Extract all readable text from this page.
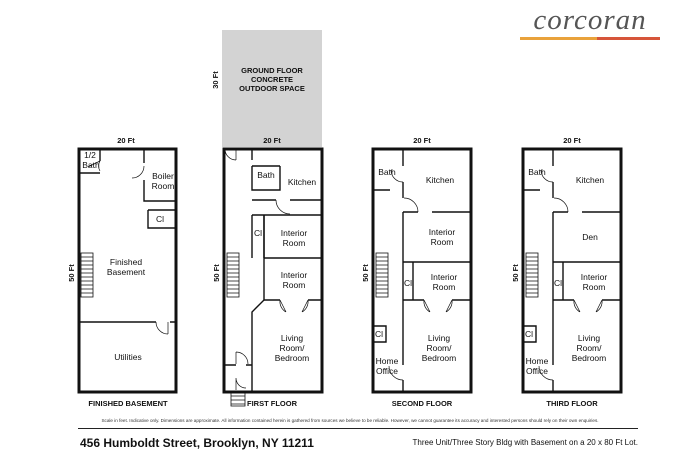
corcoran
GROUND FLOOR
CONCRETE
OUTDOOR SPACE
30 Ft
20 Ft
50 Ft
1/2
Bath
Boiler
Room
Cl
Finished
Basement
Utilities
FINISHED BASEMENT
20 Ft
50 Ft
Bath
Kitchen
Cl Interior
Room
Interior
Room
Living
Room/
Bedroom
FIRST FLOOR
20 Ft
50 Ft
Bath
Kitchen
Interior
Room
Cl
Interior
Room
Cl
Home
Office
Living
Room/
Bedroom
SECOND FLOOR
20 Ft
50 Ft
Bath
Kitchen
Den
Cl
Interior
Room
Cl
Home
Office
Living
Room/
Bedroom
THIRD FLOOR
Scale in feet. Indicative only. Dimensions are approximate. All information contained herein is gathered from sources we believe to be reliable. However, we cannot guarantee its accuracy and interested persons should rely on their own enquiries.
456 Humboldt Street, Brooklyn, NY 11211	Three Unit/Three Story Bldg with Basement on a 20 x 80 Ft Lot.
